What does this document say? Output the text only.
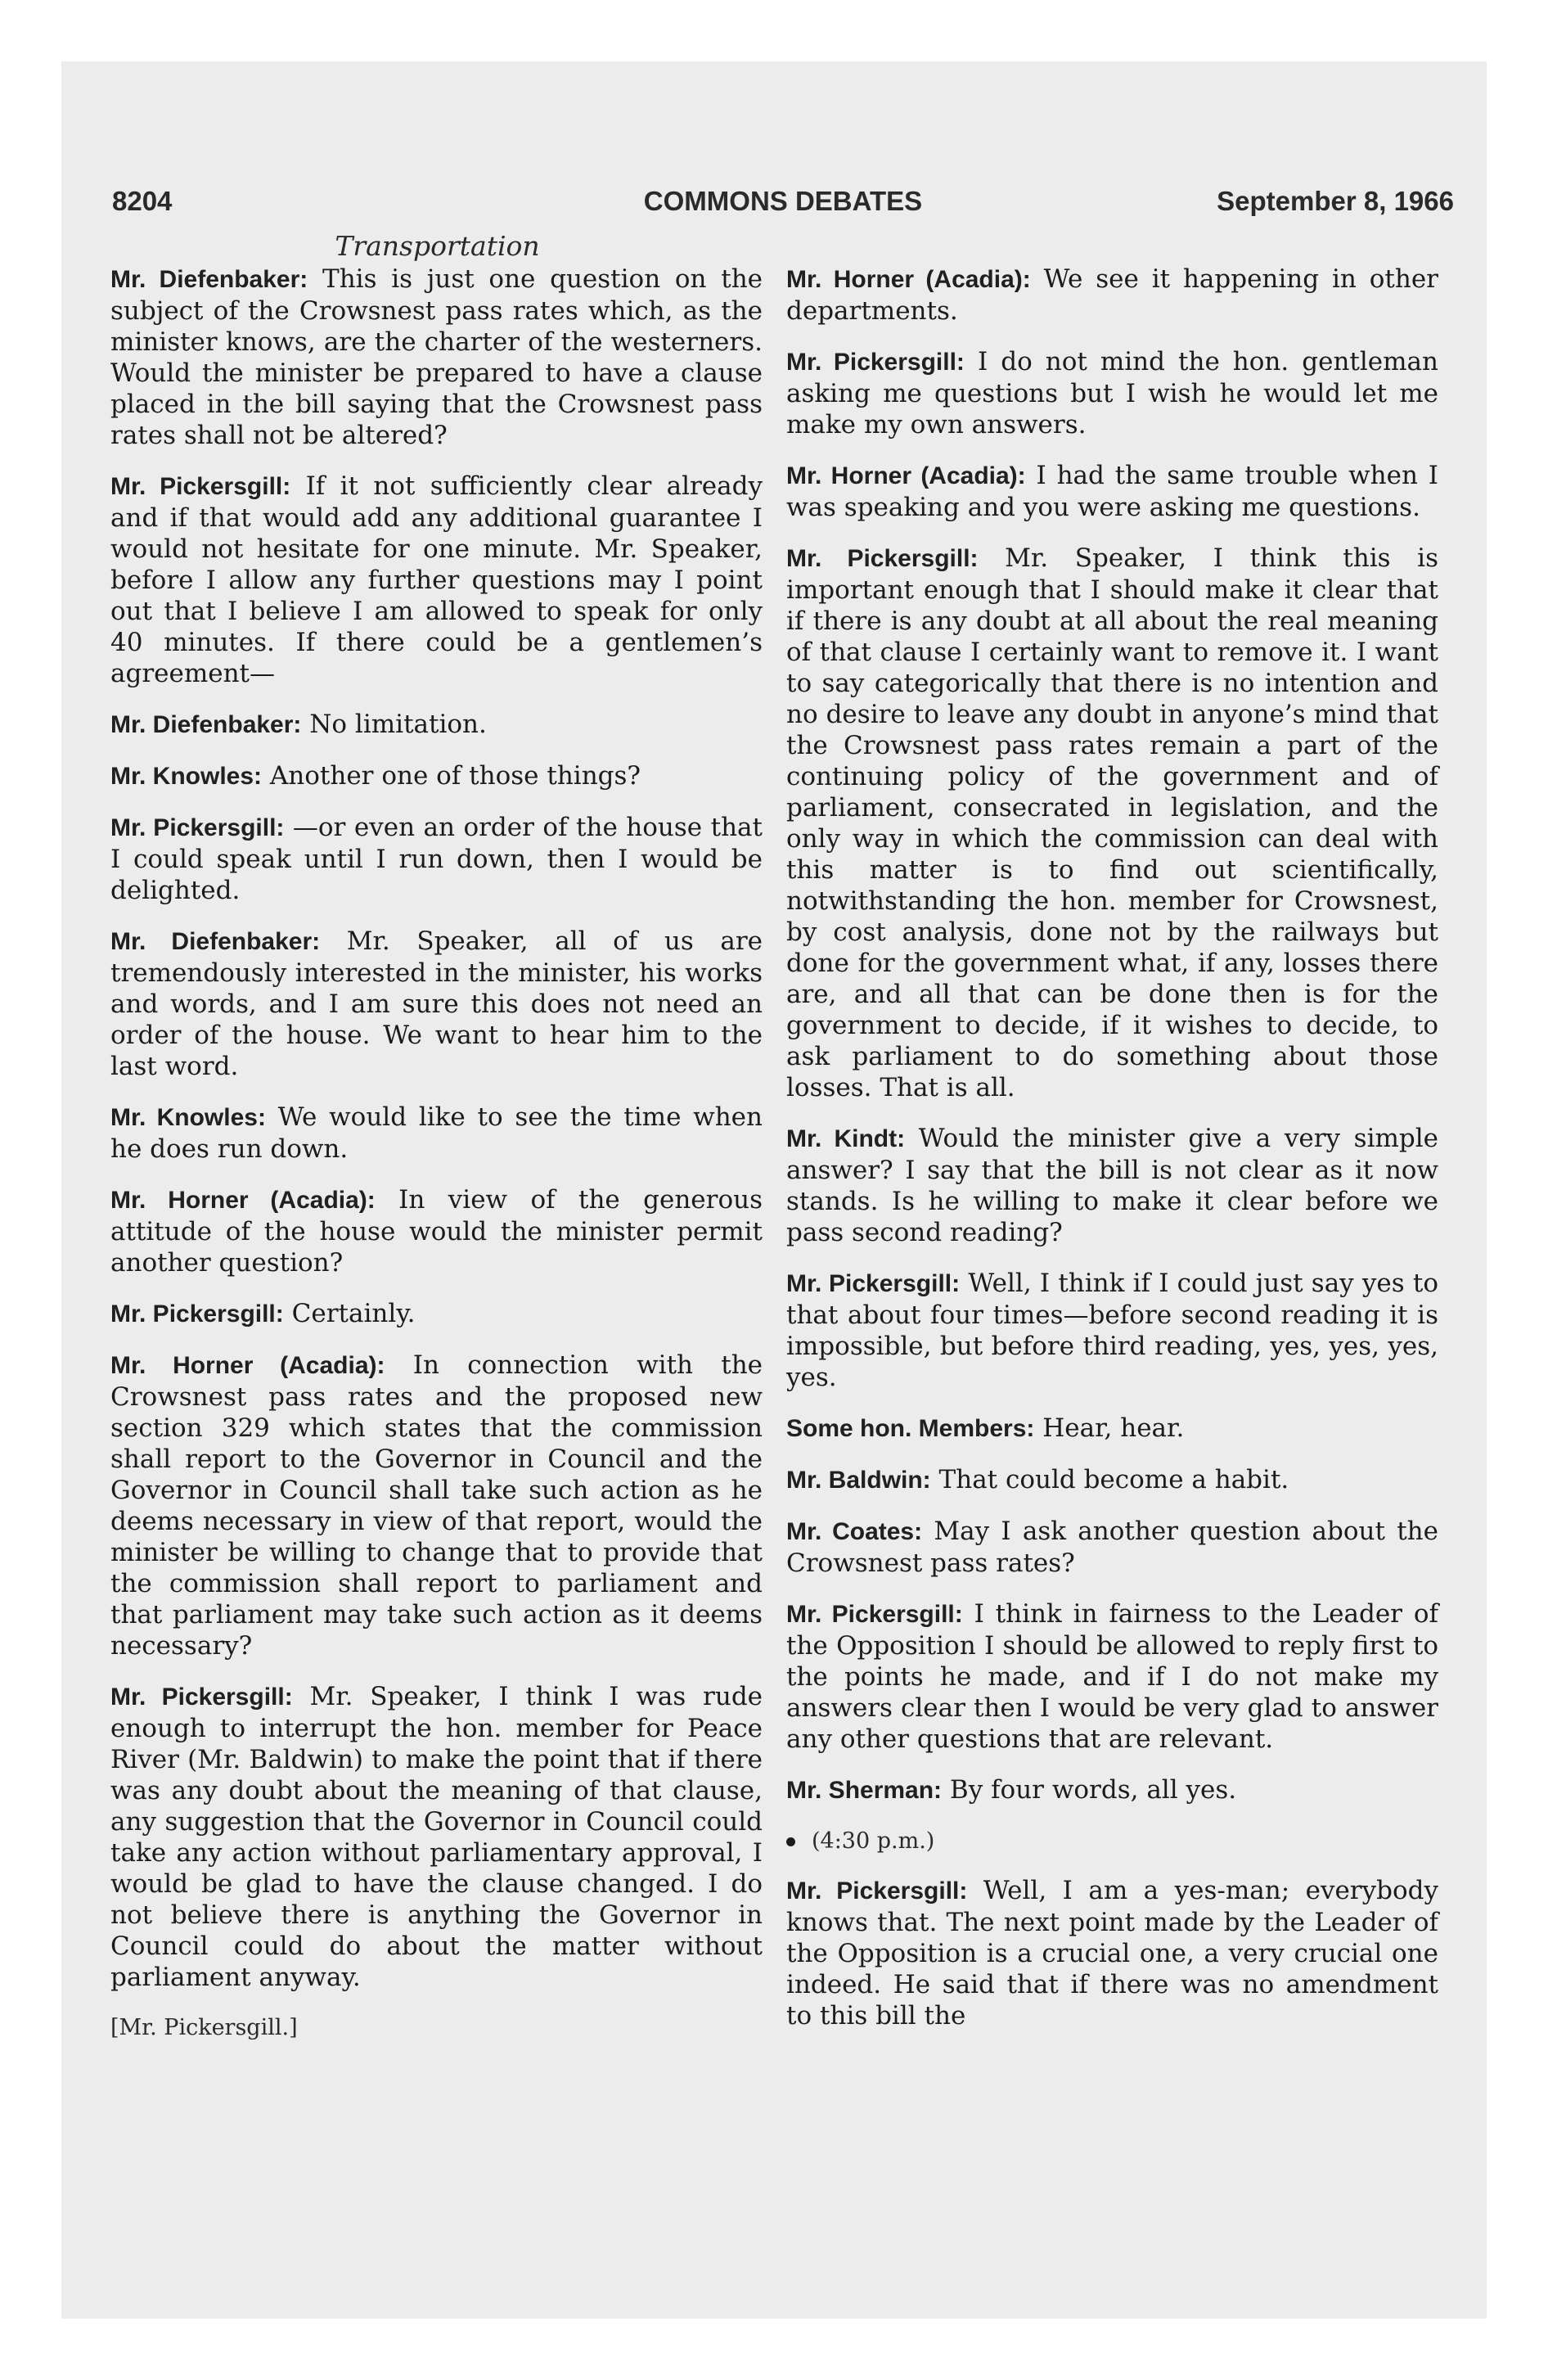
8204	COMMONS DEBATES	September 8, 1966
Transportation

Mr. Diefenbaker: This is just one question on the subject of the Crowsnest pass rates which, as the minister knows, are the charter of the westerners. Would the minister be prepared to have a clause placed in the bill saying that the Crowsnest pass rates shall not be altered?

Mr. Pickersgill: If it not sufficiently clear already and if that would add any additional guarantee I would not hesitate for one minute. Mr. Speaker, before I allow any further questions may I point out that I believe I am allowed to speak for only 40 minutes. If there could be a gentlemen’s agreement—

Mr. Diefenbaker: No limitation.

Mr. Knowles: Another one of those things?

Mr. Pickersgill: —or even an order of the house that I could speak until I run down, then I would be delighted.

Mr. Diefenbaker: Mr. Speaker, all of us are tremendously interested in the minister, his works and words, and I am sure this does not need an order of the house. We want to hear him to the last word.

Mr. Knowles: We would like to see the time when he does run down.

Mr. Horner (Acadia): In view of the generous attitude of the house would the minister permit another question?

Mr. Pickersgill: Certainly.

Mr. Horner (Acadia): In connection with the Crowsnest pass rates and the proposed new section 329 which states that the commission shall report to the Governor in Council and the Governor in Council shall take such action as he deems necessary in view of that report, would the minister be willing to change that to provide that the commission shall report to parliament and that parliament may take such action as it deems necessary?

Mr. Pickersgill: Mr. Speaker, I think I was rude enough to interrupt the hon. member for Peace River (Mr. Baldwin) to make the point that if there was any doubt about the meaning of that clause, any suggestion that the Governor in Council could take any action without parliamentary approval, I would be glad to have the clause changed. I do not believe there is anything the Governor in Council could do about the matter without parliament anyway.

[Mr. Pickersgill.]

Mr. Horner (Acadia): We see it happening in other departments.

Mr. Pickersgill: I do not mind the hon. gentleman asking me questions but I wish he would let me make my own answers.

Mr. Horner (Acadia): I had the same trouble when I was speaking and you were asking me questions.

Mr. Pickersgill: Mr. Speaker, I think this is important enough that I should make it clear that if there is any doubt at all about the real meaning of that clause I certainly want to remove it. I want to say categorically that there is no intention and no desire to leave any doubt in anyone’s mind that the Crowsnest pass rates remain a part of the continuing policy of the government and of parliament, consecrated in legislation, and the only way in which the commission can deal with this matter is to find out scientifically, notwithstanding the hon. member for Crowsnest, by cost analysis, done not by the railways but done for the government what, if any, losses there are, and all that can be done then is for the government to decide, if it wishes to decide, to ask parliament to do something about those losses. That is all.

Mr. Kindt: Would the minister give a very simple answer? I say that the bill is not clear as it now stands. Is he willing to make it clear before we pass second reading?

Mr. Pickersgill: Well, I think if I could just say yes to that about four times—before second reading it is impossible, but before third reading, yes, yes, yes, yes.

Some hon. Members: Hear, hear.

Mr. Baldwin: That could become a habit.

Mr. Coates: May I ask another question about the Crowsnest pass rates?

Mr. Pickersgill: I think in fairness to the Leader of the Opposition I should be allowed to reply first to the points he made, and if I do not make my answers clear then I would be very glad to answer any other questions that are relevant.

Mr. Sherman: By four words, all yes.

(4:30 p.m.)

Mr. Pickersgill: Well, I am a yes-man; everybody knows that. The next point made by the Leader of the Opposition is a crucial one, a very crucial one indeed. He said that if there was no amendment to this bill the
